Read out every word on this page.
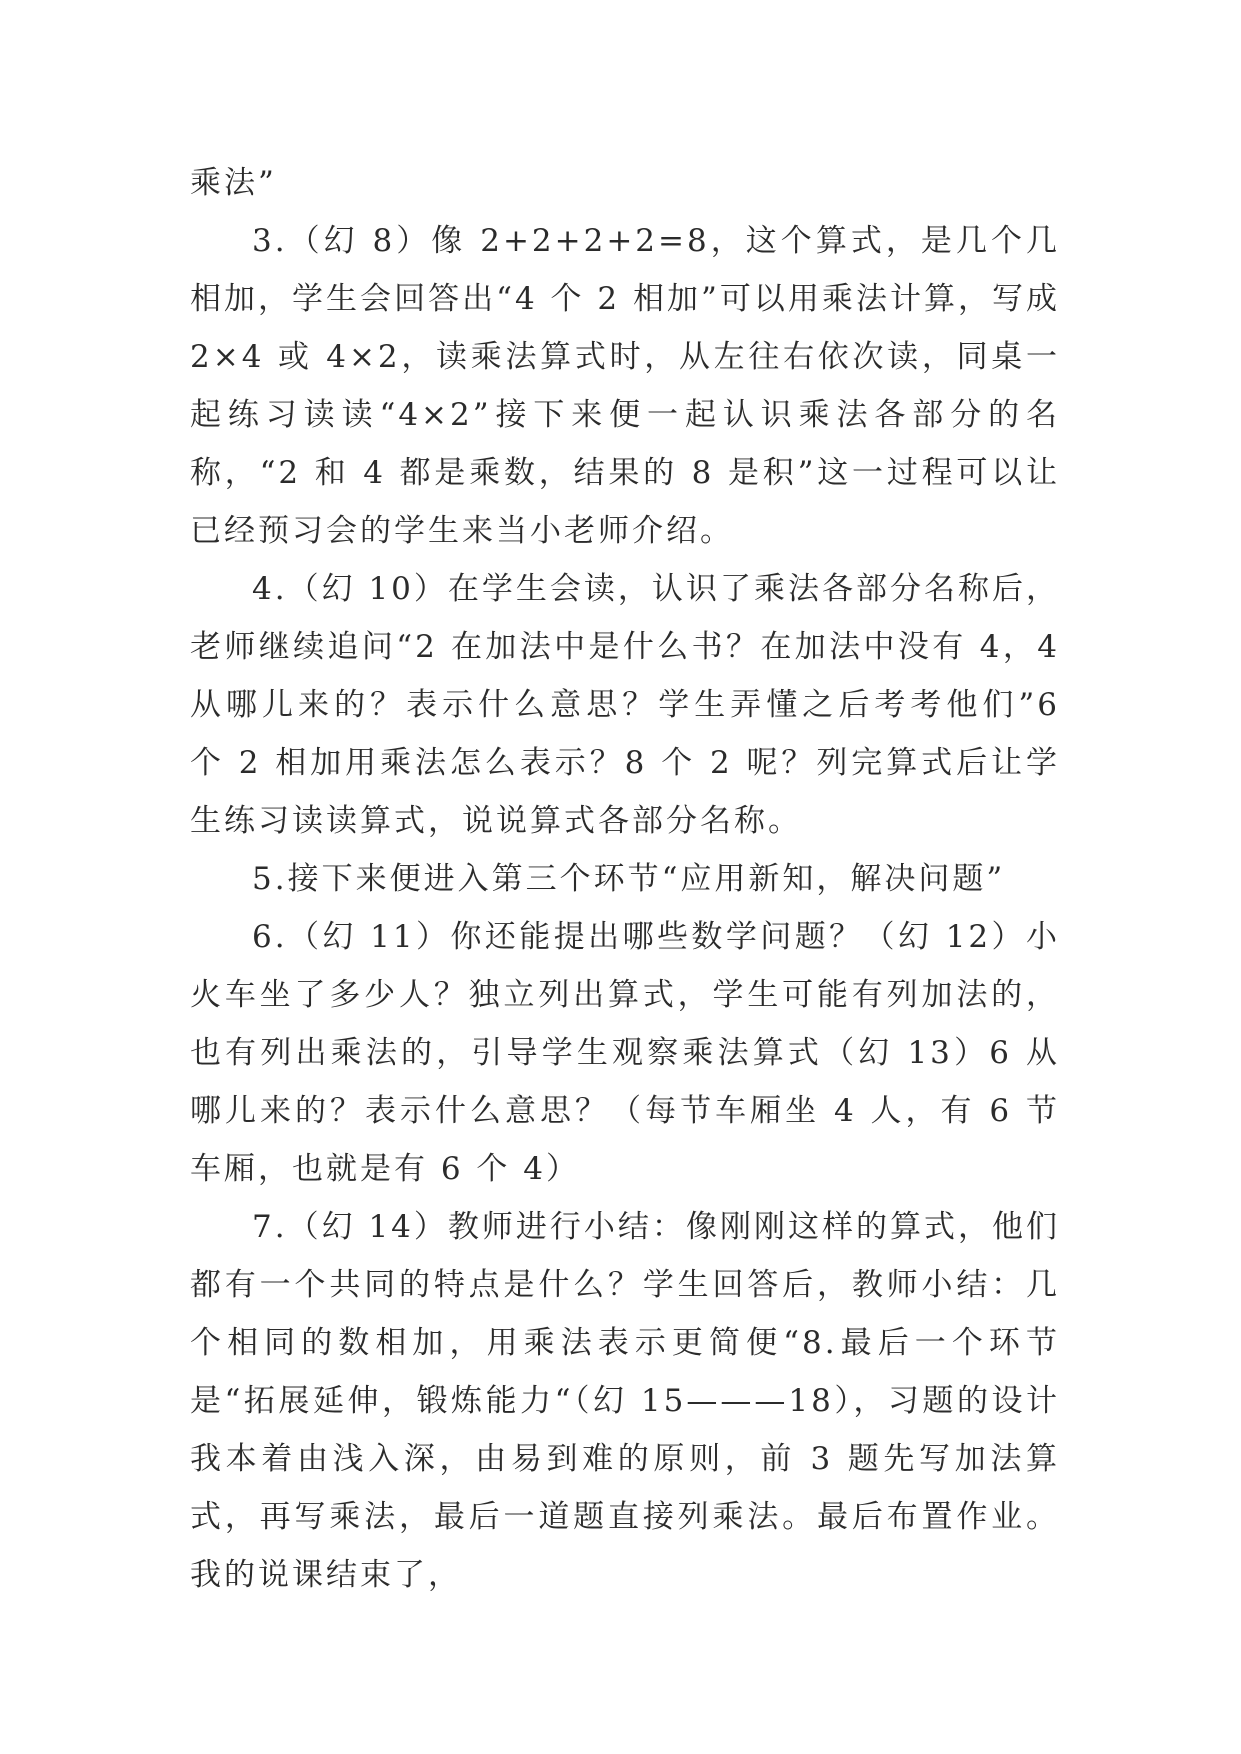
乘法”

3.（幻 8）像 2+2+2+2=8，这个算式，是几个几相加，学生会回答出“4 个 2 相加”可以用乘法计算，写成 2×4 或 4×2，读乘法算式时，从左往右依次读，同桌一起练习读读“4×2”接下来便一起认识乘法各部分的名称，“2 和 4 都是乘数，结果的 8 是积”这一过程可以让已经预习会的学生来当小老师介绍。

4.（幻 10）在学生会读，认识了乘法各部分名称后，老师继续追问“2 在加法中是什么书？在加法中没有 4，4 从哪儿来的？表示什么意思？学生弄懂之后考考他们”6 个 2 相加用乘法怎么表示？8 个 2 呢？列完算式后让学生练习读读算式，说说算式各部分名称。

5.接下来便进入第三个环节“应用新知，解决问题”

6.（幻 11）你还能提出哪些数学问题？（幻 12）小火车坐了多少人？独立列出算式，学生可能有列加法的，也有列出乘法的，引导学生观察乘法算式（幻 13）6 从哪儿来的？表示什么意思？（每节车厢坐 4 人，有 6 节车厢，也就是有 6 个 4）

7.（幻 14）教师进行小结：像刚刚这样的算式，他们都有一个共同的特点是什么？学生回答后，教师小结：几个相同的数相加，用乘法表示更简便“8.最后一个环节是“拓展延伸，锻炼能力“（幻 15———18），习题的设计我本着由浅入深，由易到难的原则，前 3 题先写加法算式，再写乘法，最后一道题直接列乘法。最后布置作业。我的说课结束了，
